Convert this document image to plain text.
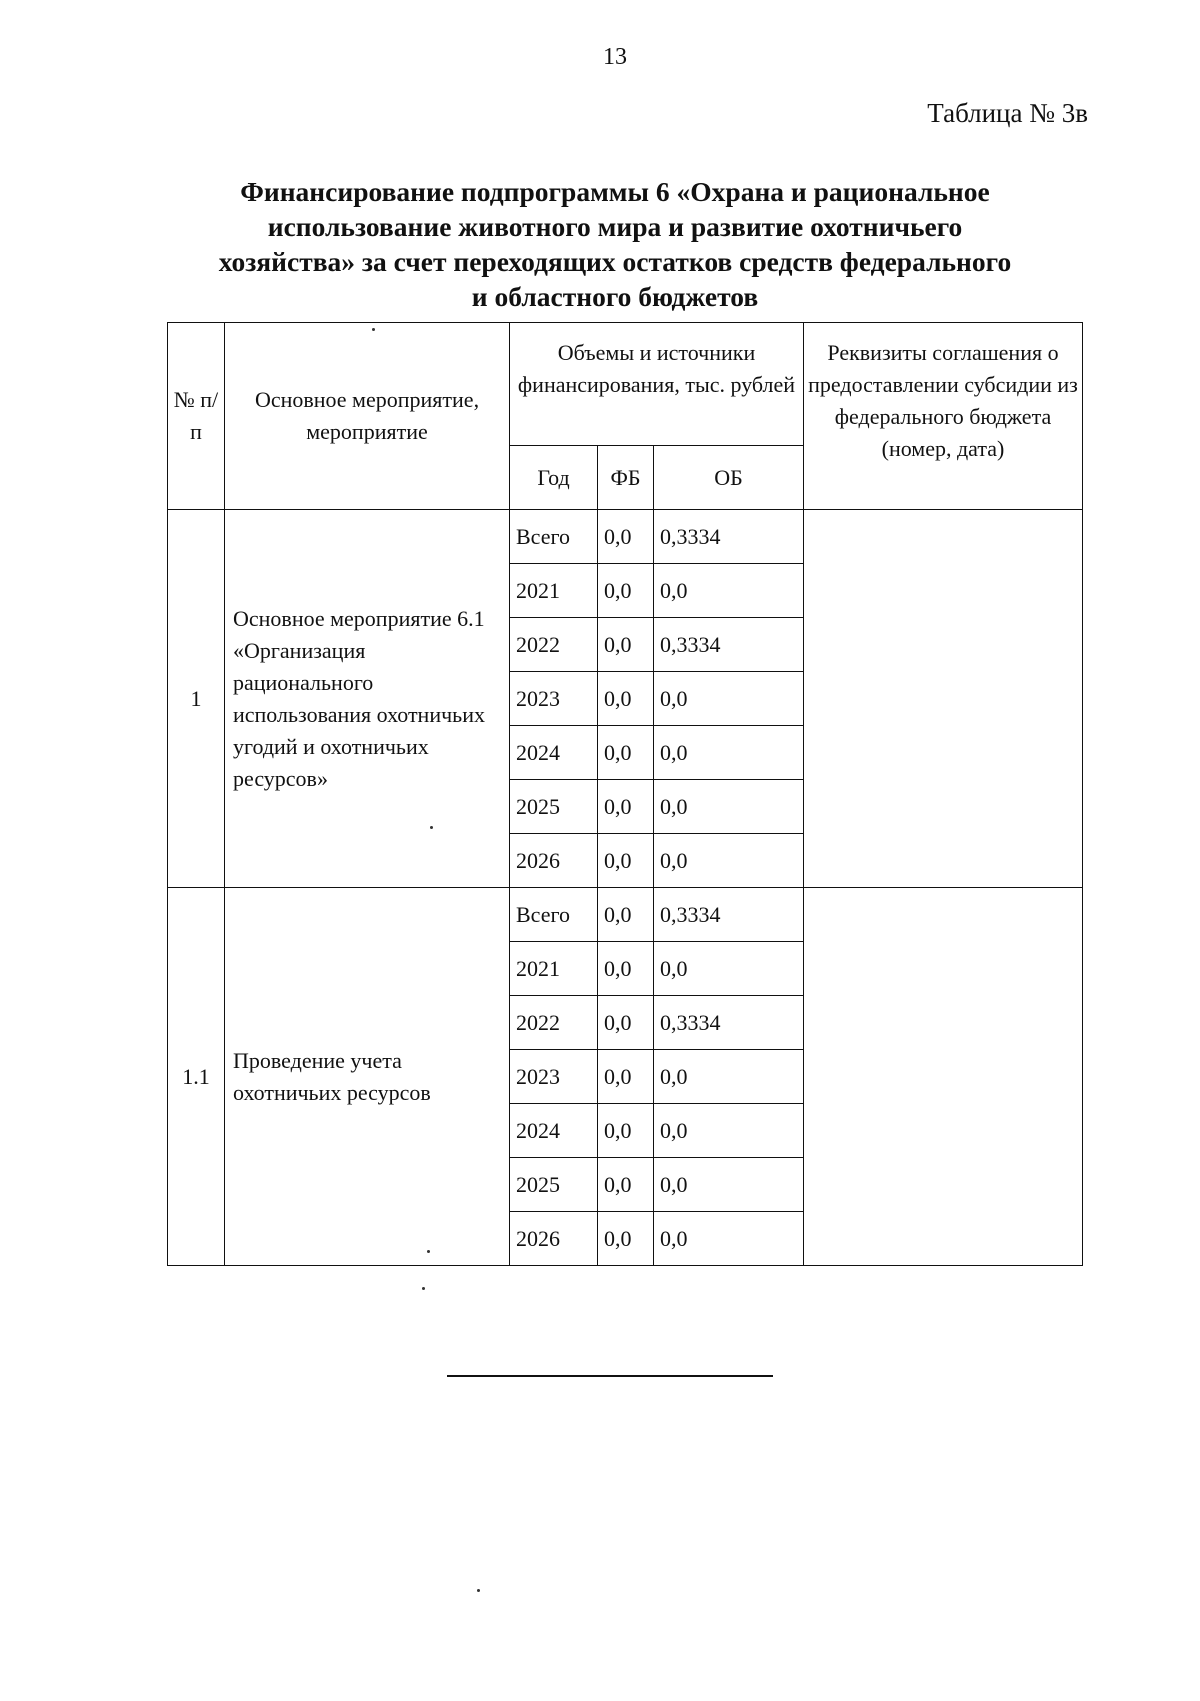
13
Таблица № 3в
Финансирование подпрограммы 6 «Охрана и рациональное
использование животного мира и развитие охотничьего
хозяйства» за счет переходящих остатков средств федерального
и областного бюджетов
№ п/п	Основное мероприятие, мероприятие	Объемы и источники финансирования, тыс. рублей			Реквизиты соглашения о предоставлении субсидии из федерального бюджета (номер, дата)
		Год	ФБ	ОБ	
1	Основное мероприятие 6.1 «Организация рационального использования охотничьих угодий и охотничьих ресурсов»	Всего	0,0	0,3334	
		2021	0,0	0,0	
		2022	0,0	0,3334	
		2023	0,0	0,0	
		2024	0,0	0,0	
		2025	0,0	0,0	
		2026	0,0	0,0	
1.1	Проведение учета охотничьих ресурсов	Всего	0,0	0,3334	
		2021	0,0	0,0	
		2022	0,0	0,3334	
		2023	0,0	0,0	
		2024	0,0	0,0	
		2025	0,0	0,0	
		2026	0,0	0,0	
